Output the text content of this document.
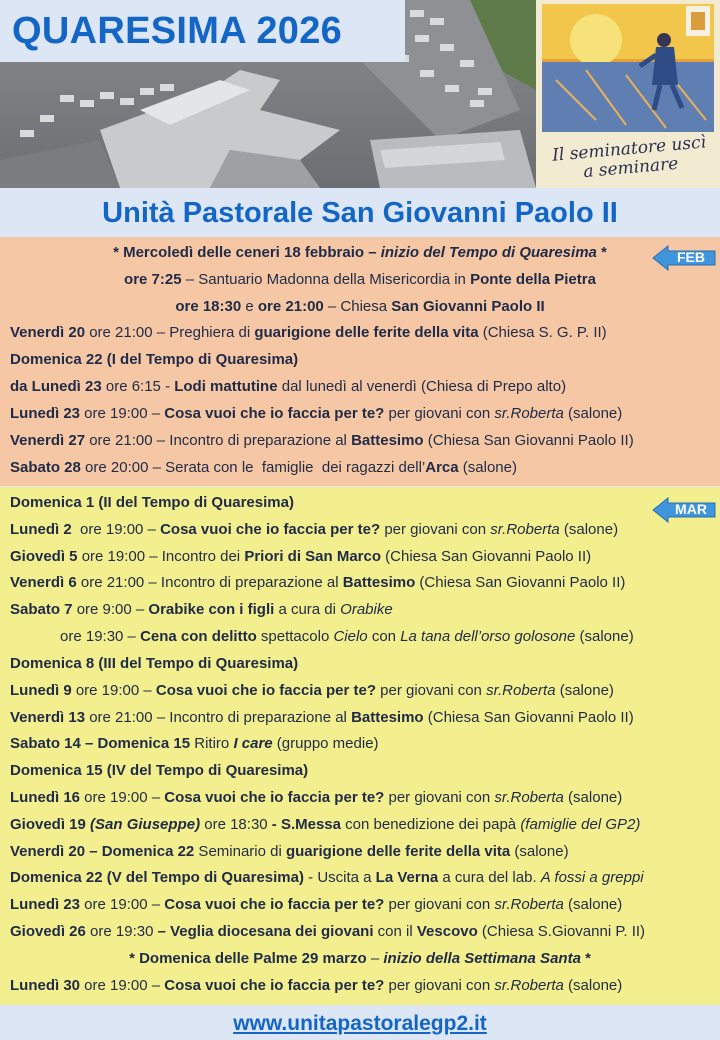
Il seminatore uscì
a seminare
QUARESIMA 2026
Unità Pastorale San Giovanni Paolo II
* Mercoledì delle ceneri 18 febbraio – inizio del Tempo di Quaresima *
ore 7:25 – Santuario Madonna della Misericordia in Ponte della Pietra
ore 18:30 e ore 21:00 – Chiesa San Giovanni Paolo II
Venerdì 20 ore 21:00 – Preghiera di guarigione delle ferite della vita (Chiesa S. G. P. II)
Domenica 22 (I del Tempo di Quaresima)
da Lunedì 23 ore 6:15 - Lodi mattutine dal lunedì al venerdì (Chiesa di Prepo alto)
Lunedì 23 ore 19:00 – Cosa vuoi che io faccia per te? per giovani con sr.Roberta (salone)
Venerdì 27 ore 21:00 – Incontro di preparazione al Battesimo (Chiesa San Giovanni Paolo II)
Sabato 28 ore 20:00 – Serata con le  famiglie  dei ragazzi dell’Arca (salone)
FEB
Domenica 1 (II del Tempo di Quaresima)
Lunedì 2  ore 19:00 – Cosa vuoi che io faccia per te? per giovani con sr.Roberta (salone)
Giovedì 5 ore 19:00 – Incontro dei Priori di San Marco (Chiesa San Giovanni Paolo II)
Venerdì 6 ore 21:00 – Incontro di preparazione al Battesimo (Chiesa San Giovanni Paolo II)
Sabato 7 ore 9:00 – Orabike con i figli a cura di Orabike
ore 19:30 – Cena con delitto spettacolo Cielo con La tana dell’orso golosone (salone)
Domenica 8 (III del Tempo di Quaresima)
Lunedì 9 ore 19:00 – Cosa vuoi che io faccia per te? per giovani con sr.Roberta (salone)
Venerdì 13 ore 21:00 – Incontro di preparazione al Battesimo (Chiesa San Giovanni Paolo II)
Sabato 14 – Domenica 15 Ritiro I care (gruppo medie)
Domenica 15 (IV del Tempo di Quaresima)
Lunedì 16 ore 19:00 – Cosa vuoi che io faccia per te? per giovani con sr.Roberta (salone)
Giovedì 19 (San Giuseppe) ore 18:30 - S.Messa con benedizione dei papà (famiglie del GP2)
Venerdì 20 – Domenica 22 Seminario di guarigione delle ferite della vita (salone)
Domenica 22 (V del Tempo di Quaresima) - Uscita a La Verna a cura del lab. A fossi a greppi
Lunedì 23 ore 19:00 – Cosa vuoi che io faccia per te? per giovani con sr.Roberta (salone)
Giovedì 26 ore 19:30 – Veglia diocesana dei giovani con il Vescovo (Chiesa S.Giovanni P. II)
* Domenica delle Palme 29 marzo – inizio della Settimana Santa *
Lunedì 30 ore 19:00 – Cosa vuoi che io faccia per te? per giovani con sr.Roberta (salone)
MAR
www.unitapastoralegp2.it
